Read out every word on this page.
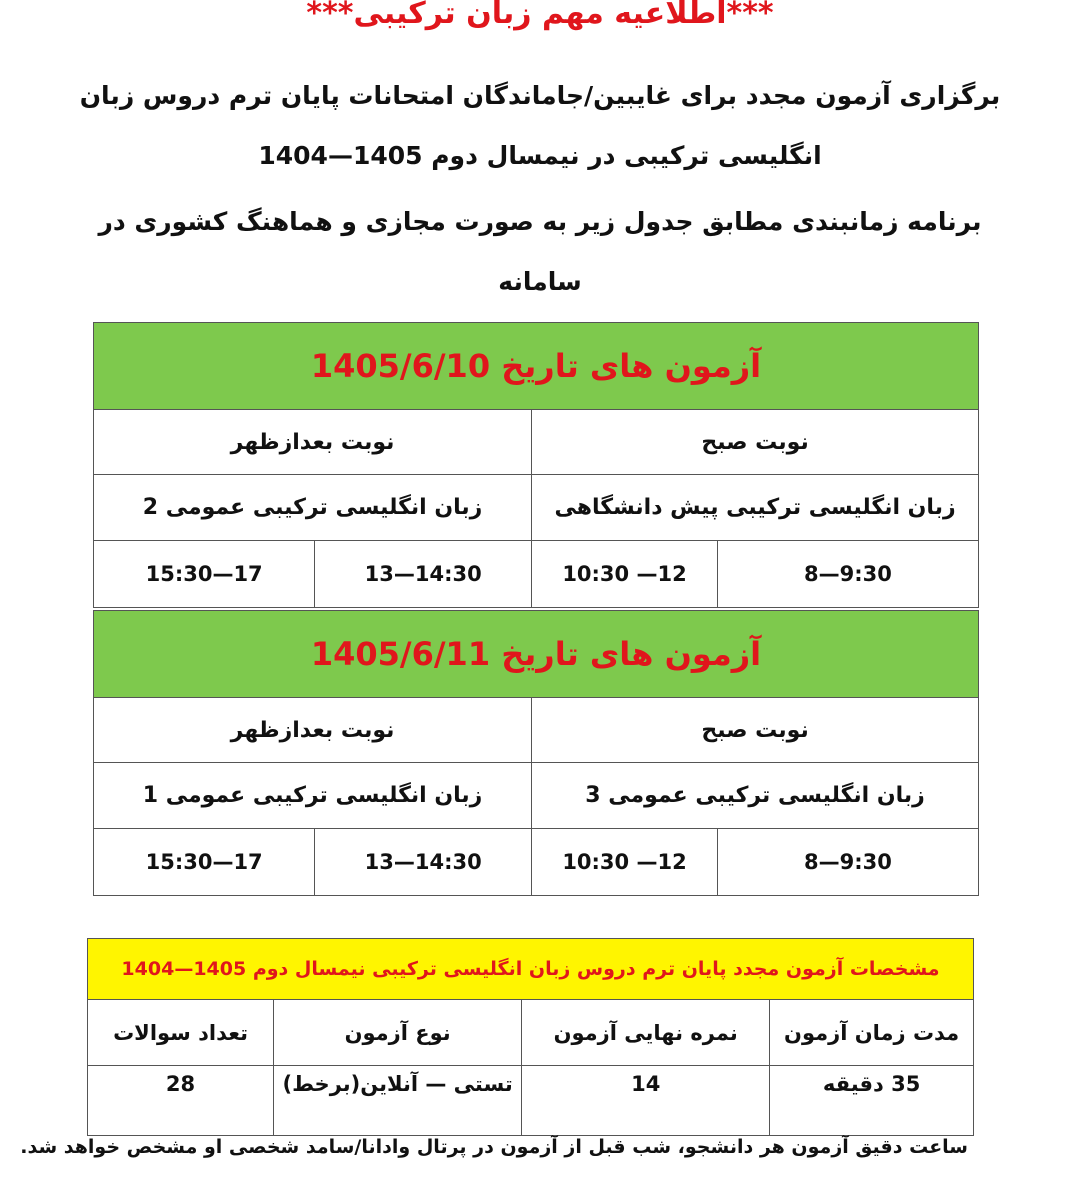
***اطلاعیه مهم زبان ترکیبی***
برگزاری آزمون مجدد برای غایبین/جاماندگان امتحانات پایان ترم دروس زبان
انگلیسی ترکیبی در نیمسال دوم 1405—1404
برنامه زمانبندی مطابق جدول زیر به صورت مجازی و هماهنگ کشوری در سامانه
آزمون های تاریخ 1405/6/10			
نوبت صبح		نوبت بعدازظهر	
زبان انگلیسی ترکیبی پیش دانشگاهی		زبان انگلیسی ترکیبی عمومی 2	
8—9:30	10:30 —12	13—14:30	15:30—17
آزمون های تاریخ 1405/6/11			
نوبت صبح		نوبت بعدازظهر	
زبان انگلیسی ترکیبی عمومی 3		زبان انگلیسی ترکیبی عمومی 1	
8—9:30	10:30 —12	13—14:30	15:30—17
مشخصات آزمون مجدد پایان ترم دروس زبان انگلیسی ترکیبی نیمسال دوم 1405—1404			
مدت زمان آزمون	نمره نهایی آزمون	نوع آزمون	تعداد سوالات
35 دقیقه	14	تستی — آنلاین(برخط)	28
ساعت دقیق آزمون هر دانشجو، شب قبل از آزمون در پرتال وادانا/سامد شخصی او مشخص خواهد شد.
